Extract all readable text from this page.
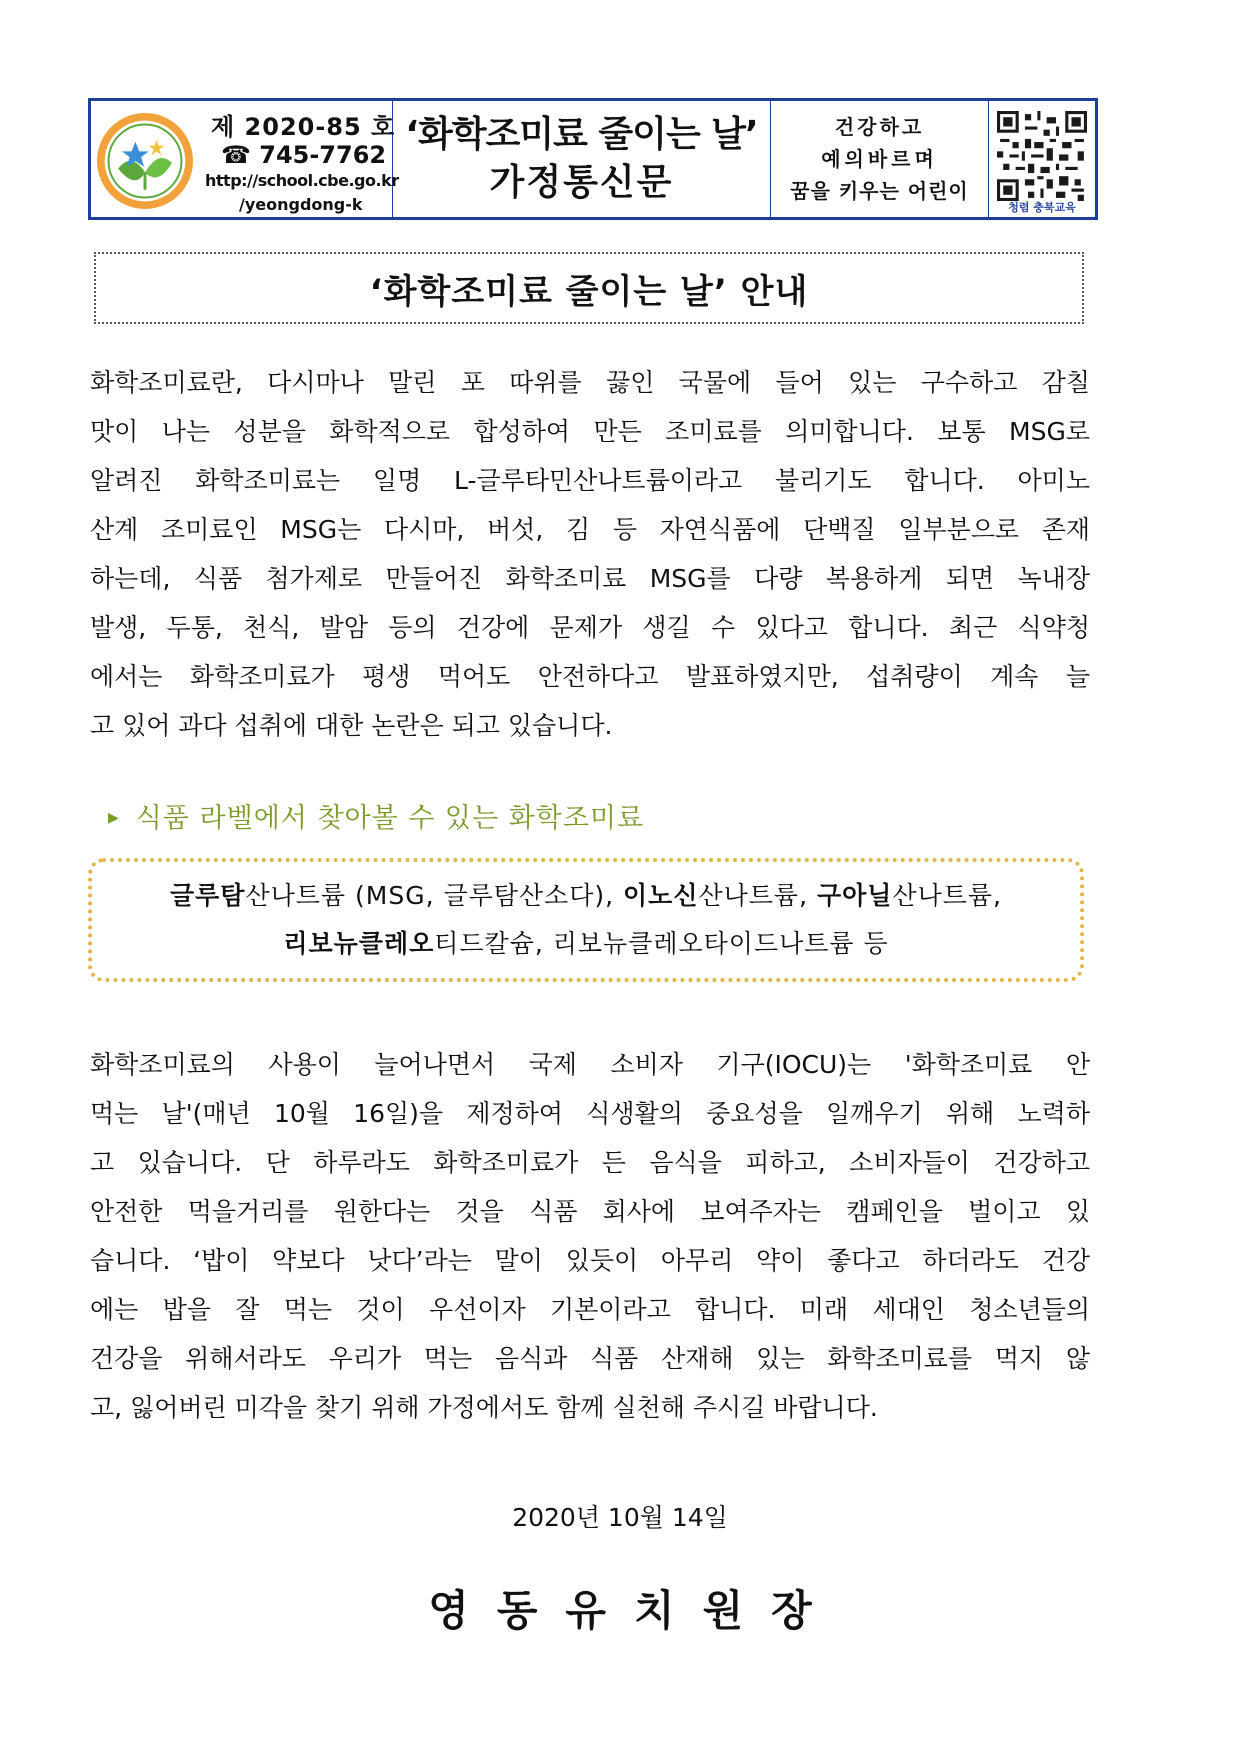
제 2020-85 호
☎ 745-7762
http://school.cbe.go.kr
/yeongdong-k
‘화학조미료 줄이는 날’
가정통신문
건강하고
예의바르며
꿈을 키우는 어린이
청렴 충북교육
‘화학조미료 줄이는 날’ 안내
화학조미료란, 다시마나 말린 포 따위를 끓인 국물에 들어 있는 구수하고 감칠
맛이 나는 성분을 화학적으로 합성하여 만든 조미료를 의미합니다. 보통 MSG로
알려진 화학조미료는 일명 L-글루타민산나트륨이라고 불리기도 합니다. 아미노
산계 조미료인 MSG는 다시마, 버섯, 김 등 자연식품에 단백질 일부분으로 존재
하는데, 식품 첨가제로 만들어진 화학조미료 MSG를 다량 복용하게 되면 녹내장
발생, 두통, 천식, 발암 등의 건강에 문제가 생길 수 있다고 합니다. 최근 식약청
에서는 화학조미료가 평생 먹어도 안전하다고 발표하였지만, 섭취량이 계속 늘
고 있어 과다 섭취에 대한 논란은 되고 있습니다.
▶ 식품 라벨에서 찾아볼 수 있는 화학조미료
글루탐산나트륨 (MSG, 글루탐산소다), 이노신산나트륨, 구아닐산나트륨,
리보뉴클레오티드칼슘, 리보뉴클레오타이드나트륨 등
화학조미료의 사용이 늘어나면서 국제 소비자 기구(IOCU)는 '화학조미료 안
먹는 날'(매년 10월 16일)을 제정하여 식생활의 중요성을 일깨우기 위해 노력하
고 있습니다. 단 하루라도 화학조미료가 든 음식을 피하고, 소비자들이 건강하고
안전한 먹을거리를 원한다는 것을 식품 회사에 보여주자는 캠페인을 벌이고 있
습니다. ‘밥이 약보다 낫다’라는 말이 있듯이 아무리 약이 좋다고 하더라도 건강
에는 밥을 잘 먹는 것이 우선이자 기본이라고 합니다. 미래 세대인 청소년들의
건강을 위해서라도 우리가 먹는 음식과 식품 산재해 있는 화학조미료를 먹지 않
고, 잃어버린 미각을 찾기 위해 가정에서도 함께 실천해 주시길 바랍니다.
2020년 10월 14일
영동유치원장
